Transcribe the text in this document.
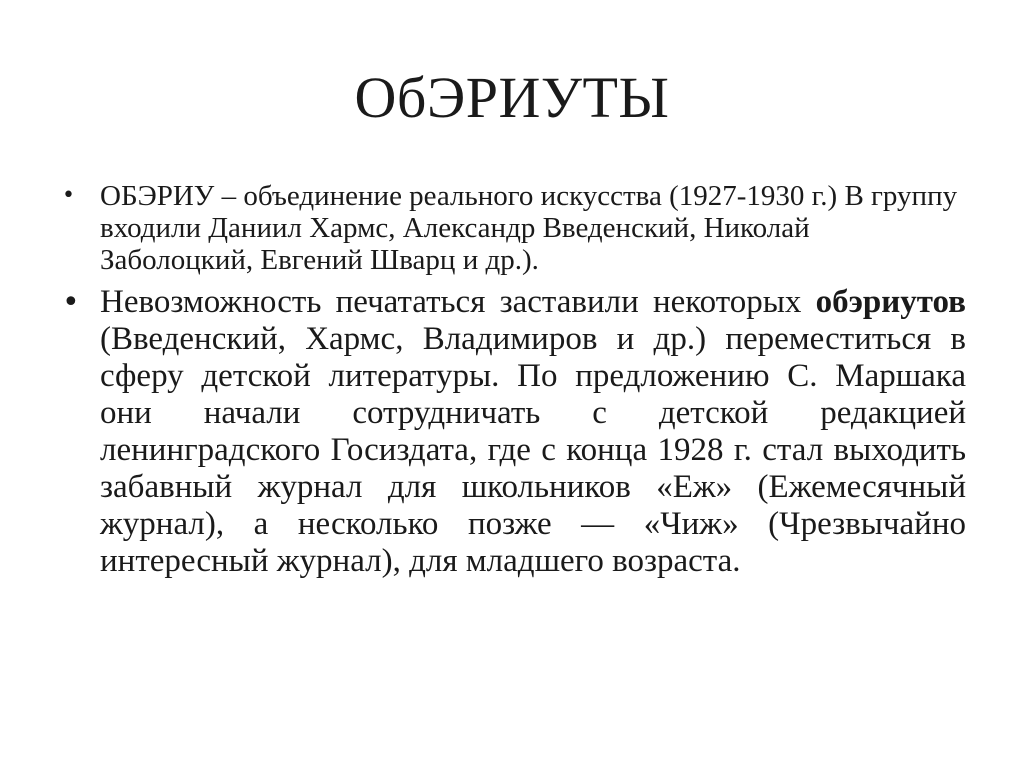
ОбЭРИУТЫ
• ОБЭРИУ – объединение реального искусства (1927-1930 г.) В группу входили Даниил Хармс, Александр Введенский, Николай Заболоцкий, Евгений Шварц и др.).
• Невозможность печататься заставили некоторых обэриутов (Введенский, Хармс, Владимиров и др.) переместиться в сферу детской литературы. По предложению С. Маршака они начали сотрудничать с детской редакцией ленинградского Госиздата, где с конца 1928 г. стал выходить забавный журнал для школьников «Еж» (Ежемесячный журнал), а несколько позже — «Чиж» (Чрезвычайно интересный журнал), для младшего возраста.
